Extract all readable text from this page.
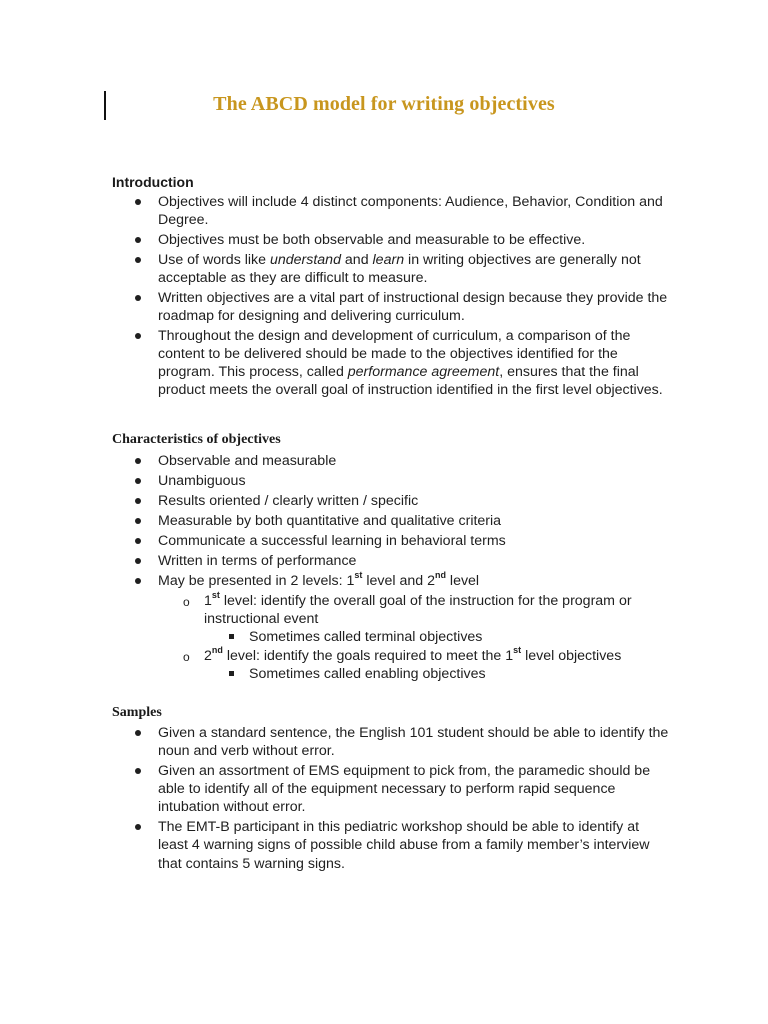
The ABCD model for writing objectives
Introduction
Objectives will include 4 distinct components: Audience, Behavior, Condition and Degree.
Objectives must be both observable and measurable to be effective.
Use of words like understand and learn in writing objectives are generally not acceptable as they are difficult to measure.
Written objectives are a vital part of instructional design because they provide the roadmap for designing and delivering curriculum.
Throughout the design and development of curriculum, a comparison of the content to be delivered should be made to the objectives identified for the program. This process, called performance agreement, ensures that the final product meets the overall goal of instruction identified in the first level objectives.
Characteristics of objectives
Observable and measurable
Unambiguous
Results oriented / clearly written / specific
Measurable by both quantitative and qualitative criteria
Communicate a successful learning in behavioral terms
Written in terms of performance
May be presented in 2 levels: 1st level and 2nd level
o 1st level: identify the overall goal of the instruction for the program or instructional event
Sometimes called terminal objectives
o 2nd level: identify the goals required to meet the 1st level objectives
Sometimes called enabling objectives
Samples
Given a standard sentence, the English 101 student should be able to identify the noun and verb without error.
Given an assortment of EMS equipment to pick from, the paramedic should be able to identify all of the equipment necessary to perform rapid sequence intubation without error.
The EMT-B participant in this pediatric workshop should be able to identify at least 4 warning signs of possible child abuse from a family member’s interview that contains 5 warning signs.
